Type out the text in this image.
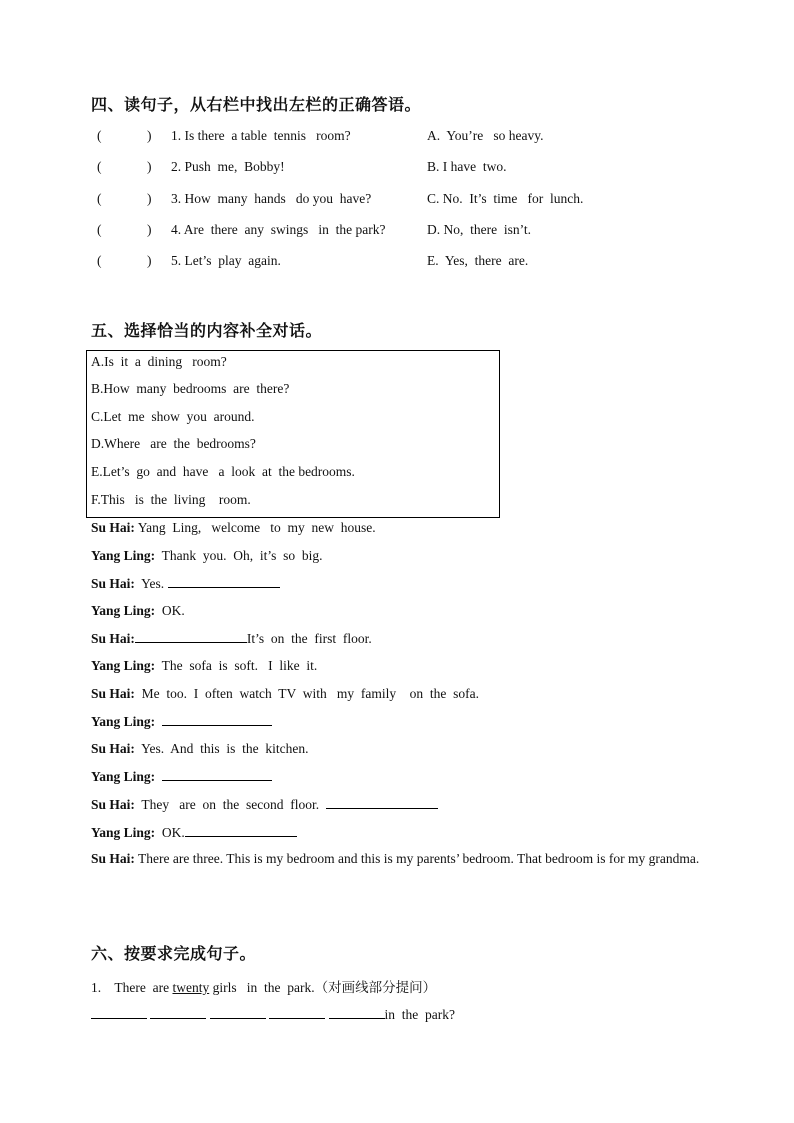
四、读句子，从右栏中找出左栏的正确答语。
(	) 1. Is there  a table  tennis   room?	A.  You’re   so heavy.
(	) 2. Push  me,  Bobby!	B. I have  two.
(	) 3. How  many  hands   do you  have?	C. No.  It’s  time   for  lunch.
(	) 4. Are  there  any  swings   in  the park?	D. No,  there  isn’t.
(	) 5. Let’s  play  again.	E.  Yes,  there  are.
五、选择恰当的内容补全对话。
A.Is  it  a  dining   room?
B.How  many  bedrooms  are  there?
C.Let  me  show  you  around.
D.Where   are  the  bedrooms?
E.Let’s  go  and  have   a  look  at  the bedrooms.
F.This   is  the  living    room.
Su Hai: Yang  Ling,   welcome   to  my  new  house.
Yang Ling:  Thank  you.  Oh,  it’s  so  big.
Su Hai:  Yes.
Yang Ling:  OK.
Su Hai:	It’s  on  the  first  floor.
Yang Ling:  The  sofa  is  soft.   I  like  it.
Su Hai:  Me  too.  I  often  watch  TV  with   my  family    on  the  sofa.
Yang Ling:
Su Hai:  Yes.  And  this  is  the  kitchen.
Yang Ling:
Su Hai:  They   are  on  the  second  floor.
Yang Ling:  OK.
Su Hai: There are three. This is my bedroom and this is my parents’ bedroom. That bedroom is for my grandma.
六、按要求完成句子。
1. There  are twenty girls   in  the  park.（对画线部分提问）
in  the  park?
